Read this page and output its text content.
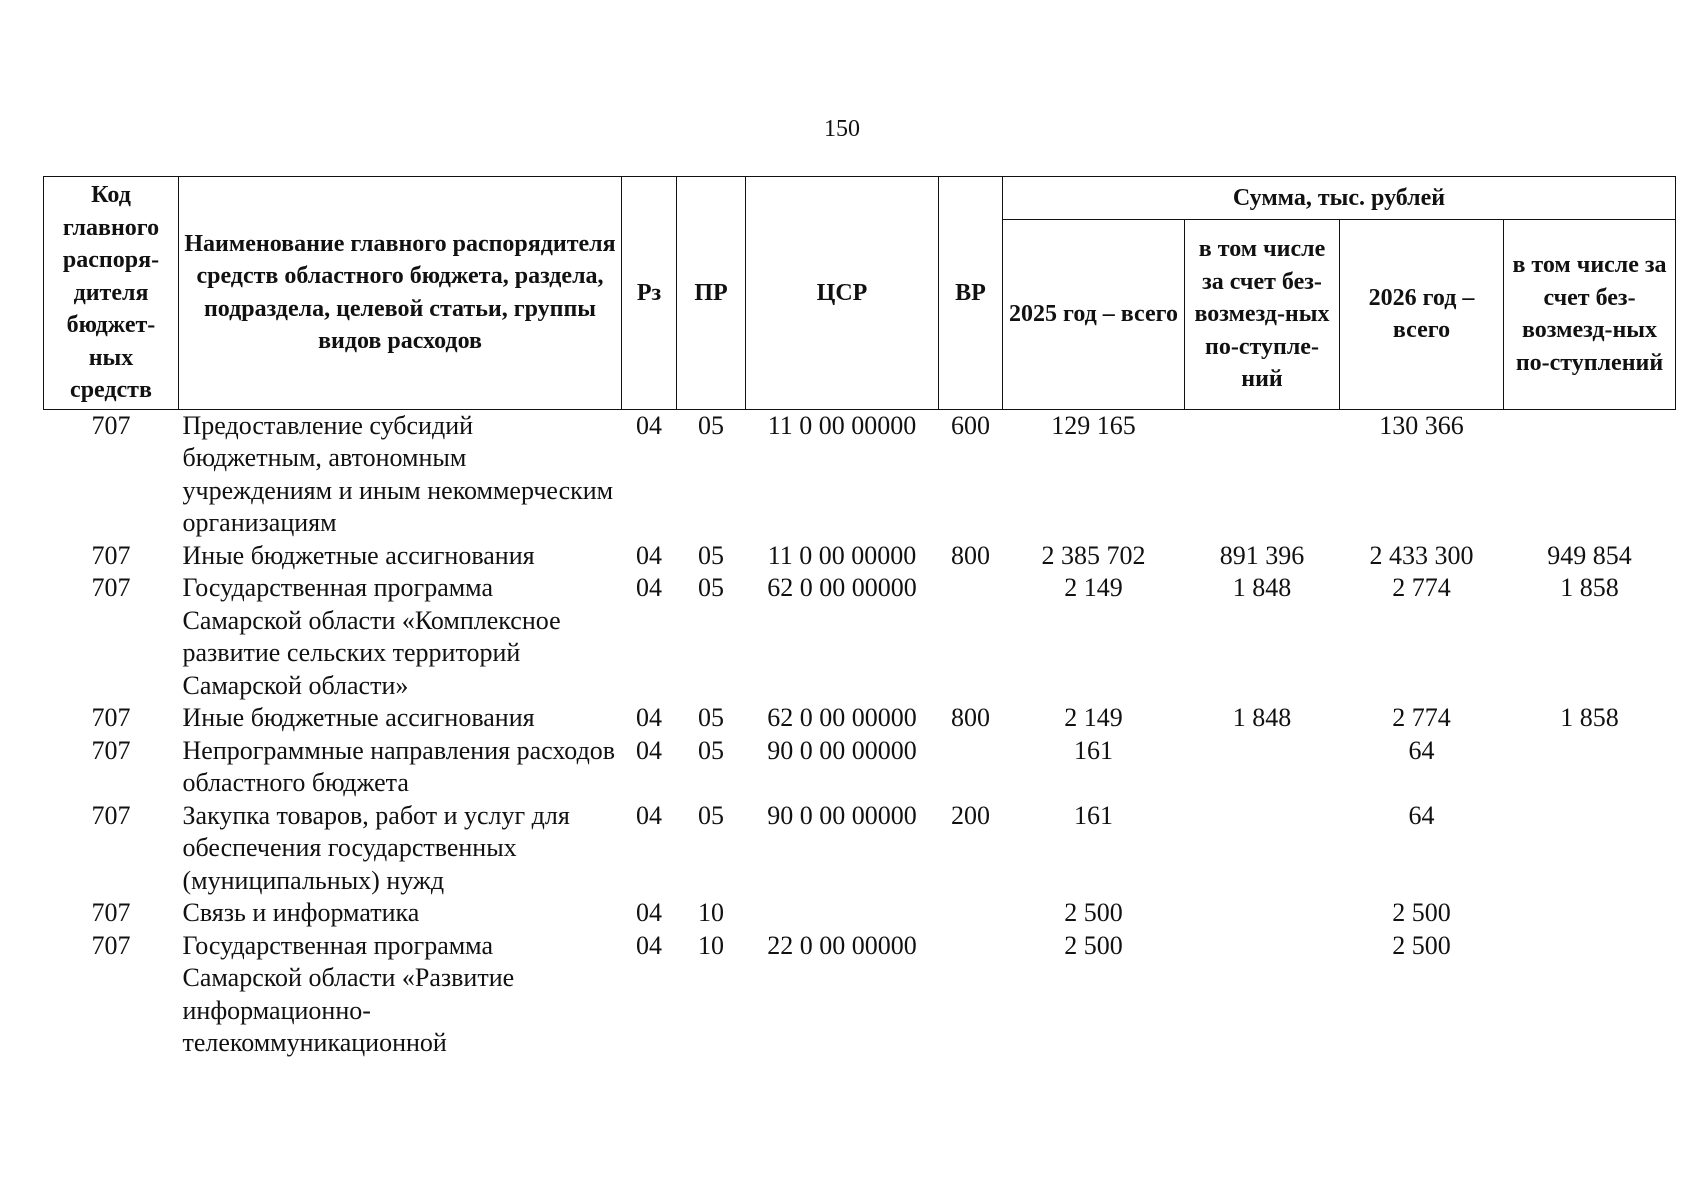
150
Код главного распоря-дителя бюджет-ных средств	Наименование главного распорядителя средств областного бюджета, раздела, подраздела, целевой статьи, группы видов расходов	Рз	ПР	ЦСР	ВР	Сумма, тыс. рублей			
						2025 год – всего	в том числе за счет без-возмезд-ных по-ступле-ний	2026 год – всего	в том числе за счет без-возмезд-ных по-ступлений
707	Предоставление субсидий бюджетным, автономным учреждениям и иным некоммерческим организациям	04	05	11 0 00 00000	600	129 165		130 366	
707	Иные бюджетные ассигнования	04	05	11 0 00 00000	800	2 385 702	891 396	2 433 300	949 854
707	Государственная программа Самарской области «Комплексное развитие сельских территорий Самарской области»	04	05	62 0 00 00000		2 149	1 848	2 774	1 858
707	Иные бюджетные ассигнования	04	05	62 0 00 00000	800	2 149	1 848	2 774	1 858
707	Непрограммные направления расходов областного бюджета	04	05	90 0 00 00000		161		64	
707	Закупка товаров, работ и услуг для обеспечения государственных (муниципальных) нужд	04	05	90 0 00 00000	200	161		64	
707	Связь и информатика	04	10			2 500		2 500	
707	Государственная программа Самарской области «Развитие информационно-телекоммуникационной	04	10	22 0 00 00000		2 500		2 500	
